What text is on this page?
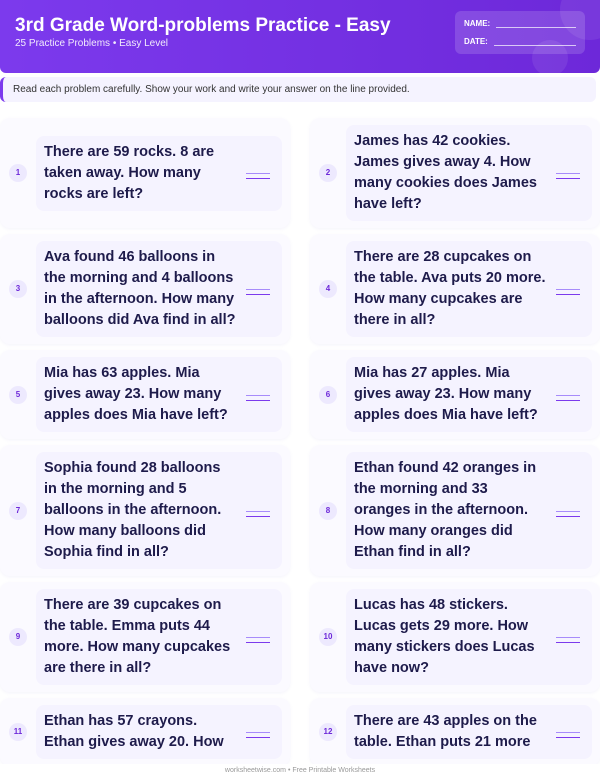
3rd Grade Word-problems Practice - Easy
25 Practice Problems • Easy Level
NAME:
DATE:
Read each problem carefully. Show your work and write your answer on the line provided.
1
There are 59 rocks. 8 are taken away. How many rocks are left?
2
James has 42 cookies. James gives away 4. How many cookies does James have left?
3
Ava found 46 balloons in the morning and 4 balloons in the afternoon. How many balloons did Ava find in all?
4
There are 28 cupcakes on the table. Ava puts 20 more. How many cupcakes are there in all?
5
Mia has 63 apples. Mia gives away 23. How many apples does Mia have left?
6
Mia has 27 apples. Mia gives away 23. How many apples does Mia have left?
7
Sophia found 28 balloons in the morning and 5 balloons in the afternoon. How many balloons did Sophia find in all?
8
Ethan found 42 oranges in the morning and 33 oranges in the afternoon. How many oranges did Ethan find in all?
9
There are 39 cupcakes on the table. Emma puts 44 more. How many cupcakes are there in all?
10
Lucas has 48 stickers. Lucas gets 29 more. How many stickers does Lucas have now?
11
Ethan has 57 crayons. Ethan gives away 20. How
12
There are 43 apples on the table. Ethan puts 21 more
worksheetwise.com • Free Printable Worksheets
